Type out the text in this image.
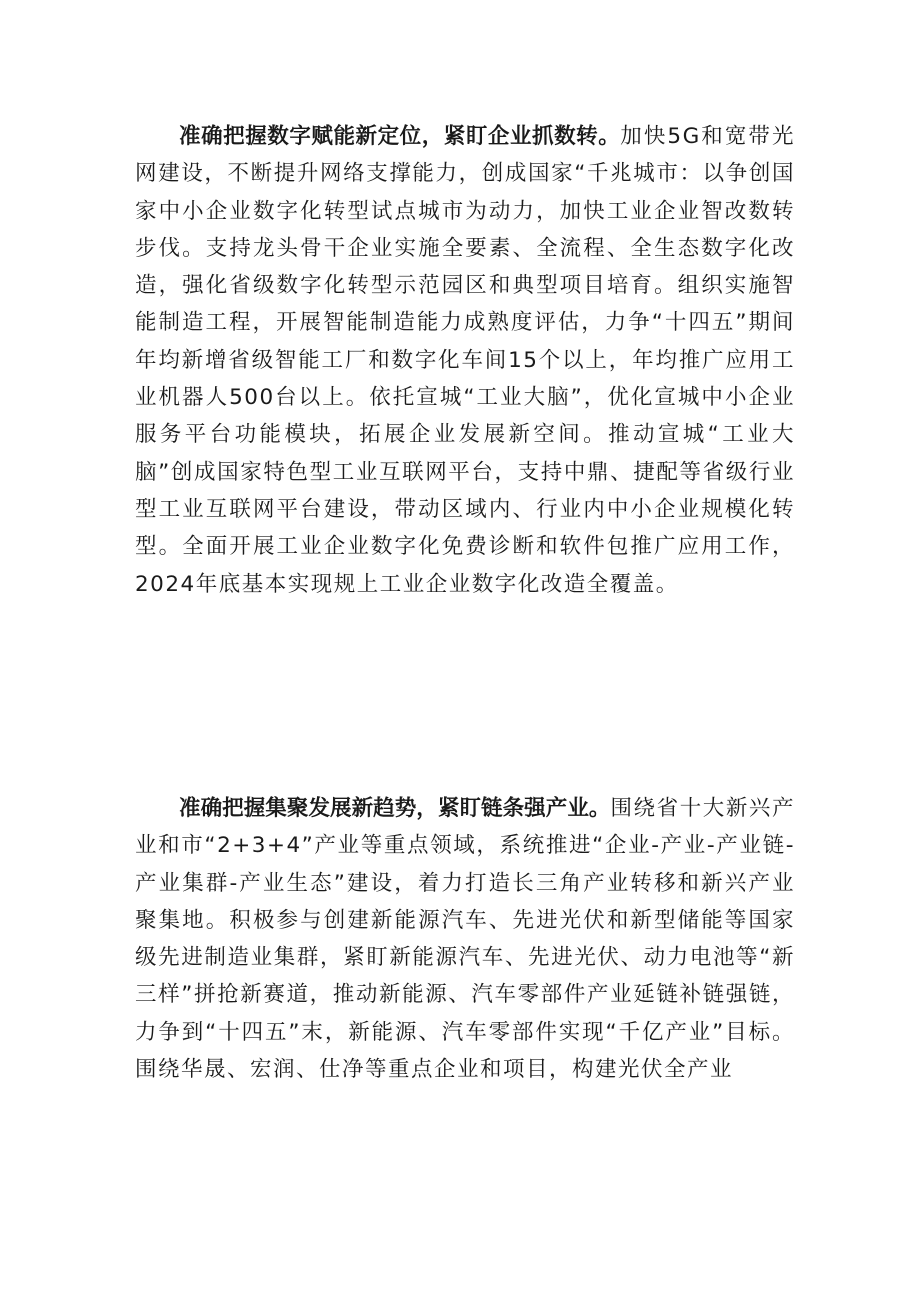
准确把握数字赋能新定位，紧盯企业抓数转。加快5G和宽带光网建设，不断提升网络支撑能力，创成国家“千兆城市：以争创国家中小企业数字化转型试点城市为动力，加快工业企业智改数转步伐。支持龙头骨干企业实施全要素、全流程、全生态数字化改造，强化省级数字化转型示范园区和典型项目培育。组织实施智能制造工程，开展智能制造能力成熟度评估，力争“十四五”期间年均新增省级智能工厂和数字化车间15个以上，年均推广应用工业机器人500台以上。依托宣城“工业大脑”，优化宣城中小企业服务平台功能模块，拓展企业发展新空间。推动宣城“工业大脑”创成国家特色型工业互联网平台，支持中鼎、捷配等省级行业型工业互联网平台建设，带动区域内、行业内中小企业规模化转型。全面开展工业企业数字化免费诊断和软件包推广应用工作，2024年底基本实现规上工业企业数字化改造全覆盖。

准确把握集聚发展新趋势，紧盯链条强产业。围绕省十大新兴产业和市“2+3+4”产业等重点领域，系统推进“企业-产业-产业链-产业集群-产业生态”建设，着力打造长三角产业转移和新兴产业聚集地。积极参与创建新能源汽车、先进光伏和新型储能等国家级先进制造业集群，紧盯新能源汽车、先进光伏、动力电池等“新三样”拼抢新赛道，推动新能源、汽车零部件产业延链补链强链，力争到“十四五”末，新能源、汽车零部件实现“千亿产业”目标。围绕华晟、宏润、仕净等重点企业和项目，构建光伏全产业
